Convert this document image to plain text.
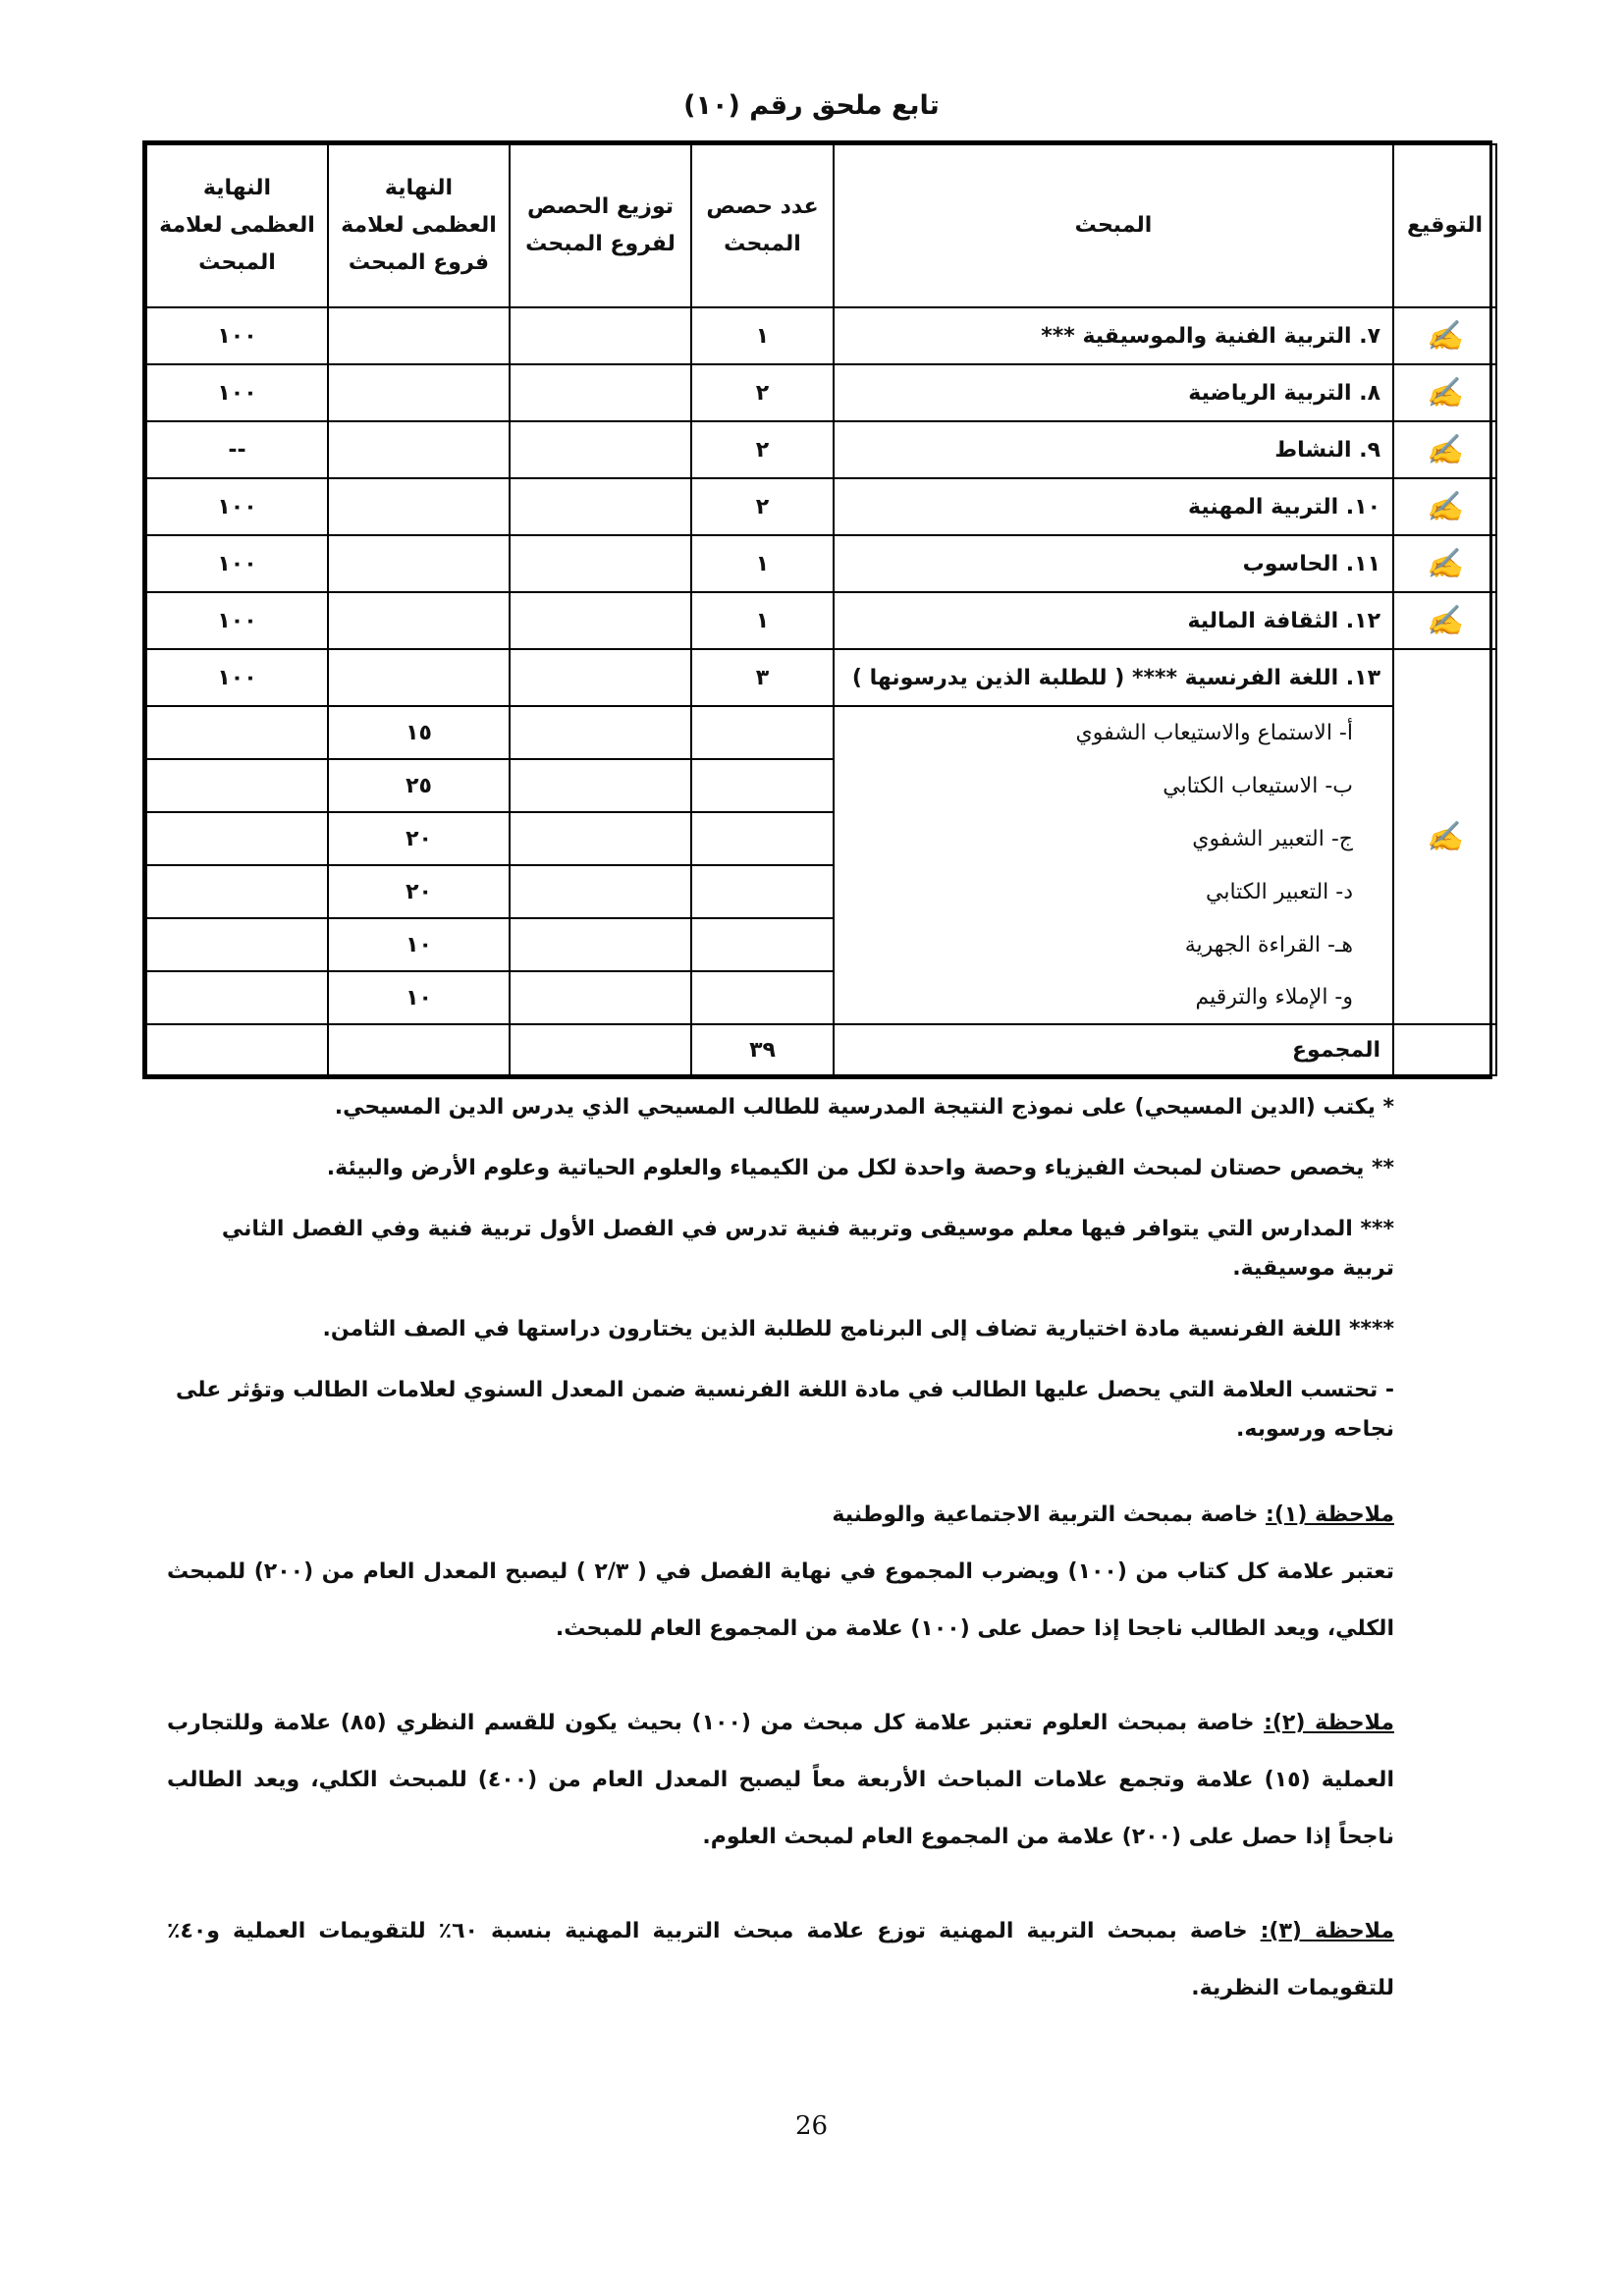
تابع ملحق رقم (١٠)
التوقيع	المبحث	عدد حصص المبحث	توزيع الحصص لفروع المبحث	النهاية العظمى لعلامة فروع المبحث	النهاية العظمى لعلامة المبحث
✍	٧. التربية الفنية والموسيقية ***	١			١٠٠
✍	٨. التربية الرياضية	٢			١٠٠
✍	٩. النشاط	٢			--
✍	١٠. التربية المهنية	٢			١٠٠
✍	١١. الحاسوب	١			١٠٠
✍	١٢. الثقافة المالية	١			١٠٠
✍	١٣. اللغة الفرنسية **** ( للطلبة الذين يدرسونها )	٣			١٠٠
	أ- الاستماع والاستيعاب الشفوي			١٥	
	ب- الاستيعاب الكتابي			٢٥	
	ج- التعبير الشفوي			٢٠	
	د- التعبير الكتابي			٢٠	
	هـ- القراءة الجهرية			١٠	
	و- الإملاء والترقيم			١٠	
	المجموع	٣٩			

* يكتب (الدين المسيحي) على نموذج النتيجة المدرسية للطالب المسيحي الذي يدرس الدين المسيحي.

** يخصص حصتان لمبحث الفيزياء وحصة واحدة لكل من الكيمياء والعلوم الحياتية وعلوم الأرض والبيئة.

*** المدارس التي يتوافر فيها معلم موسيقى وتربية فنية تدرس في الفصل الأول تربية فنية وفي الفصل الثاني تربية موسيقية.

**** اللغة الفرنسية مادة اختيارية تضاف إلى البرنامج للطلبة الذين يختارون دراستها في الصف الثامن.

- تحتسب العلامة التي يحصل عليها الطالب في مادة اللغة الفرنسية ضمن المعدل السنوي لعلامات الطالب وتؤثر على نجاحه ورسوبه.

ملاحظة (١): خاصة بمبحث التربية الاجتماعية والوطنية
تعتبر علامة كل كتاب من (١٠٠) ويضرب المجموع في نهاية الفصل في ( ٢/٣ ) ليصبح المعدل العام من (٢٠٠) للمبحث الكلي، ويعد الطالب ناجحا إذا حصل على (١٠٠) علامة من المجموع العام للمبحث.
ملاحظة (٢): خاصة بمبحث العلوم تعتبر علامة كل مبحث من (١٠٠) بحيث يكون للقسم النظري (٨٥) علامة وللتجارب العملية (١٥) علامة وتجمع علامات المباحث الأربعة معاً ليصبح المعدل العام من (٤٠٠) للمبحث الكلي، ويعد الطالب ناجحاً إذا حصل على (٢٠٠) علامة من المجموع العام لمبحث العلوم.
ملاحظة (٣): خاصة بمبحث التربية المهنية توزع علامة مبحث التربية المهنية بنسبة ٦٠٪ للتقويمات العملية و٤٠٪ للتقويمات النظرية.
26
